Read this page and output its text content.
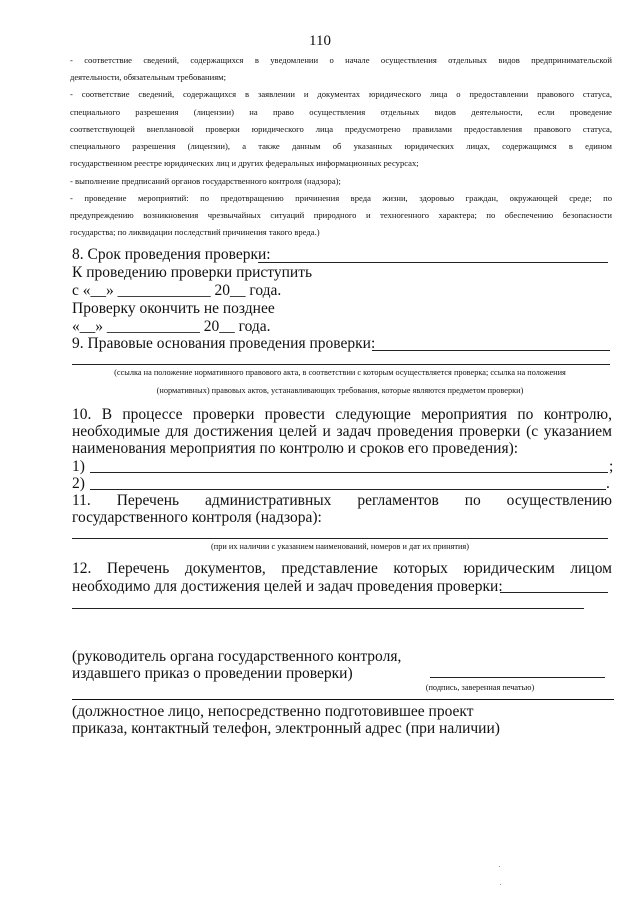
110
- соответствие сведений, содержащихся в уведомлении о начале осуществления отдельных видов предпринимательской
деятельности, обязательным требованиям;
- соответствие сведений, содержащихся в заявлении и документах юридического лица о предоставлении правового статуса,
специального разрешения (лицензии) на право осуществления отдельных видов деятельности, если проведение
соответствующей внеплановой проверки юридического лица предусмотрено правилами предоставления правового статуса,
специального разрешения (лицензии), а также данным об указанных юридических лицах, содержащимся в едином
государственном реестре юридических лиц и других федеральных информационных ресурсах;
- выполнение предписаний органов государственного контроля (надзора);
- проведение мероприятий: по предотвращению причинения вреда жизни, здоровью граждан, окружающей среде; по
предупреждению возникновения чрезвычайных ситуаций природного и техногенного характера; по обеспечению безопасности
государства; по ликвидации последствий причинения такого вреда.)
8. Срок проведения проверки:
К проведению проверки приступить
с «__» ____________ 20__ года.
Проверку окончить не позднее
«__» ____________ 20__ года.
9. Правовые основания проведения проверки:
(ссылка на положение нормативного правового акта, в соответствии с которым осуществляется проверка; ссылка на положения
(нормативных) правовых актов, устанавливающих требования, которые являются предметом проверки)
10. В процессе проверки провести следующие мероприятия по контролю,
необходимые для достижения целей и задач проведения проверки (с указанием
наименования мероприятия по контролю и сроков его проведения):
1)	;
2)	.
11. Перечень административных регламентов по осуществлению
государственного контроля (надзора):
(при их наличии с указанием наименований, номеров и дат их принятия)
12. Перечень документов, представление которых юридическим лицом
необходимо для достижения целей и задач проведения проверки:
(руководитель органа государственного контроля,
издавшего приказ о проведении проверки)
(подпись, заверенная печатью)
(должностное лицо, непосредственно подготовившее проект
приказа, контактный телефон, электронный адрес (при наличии)
